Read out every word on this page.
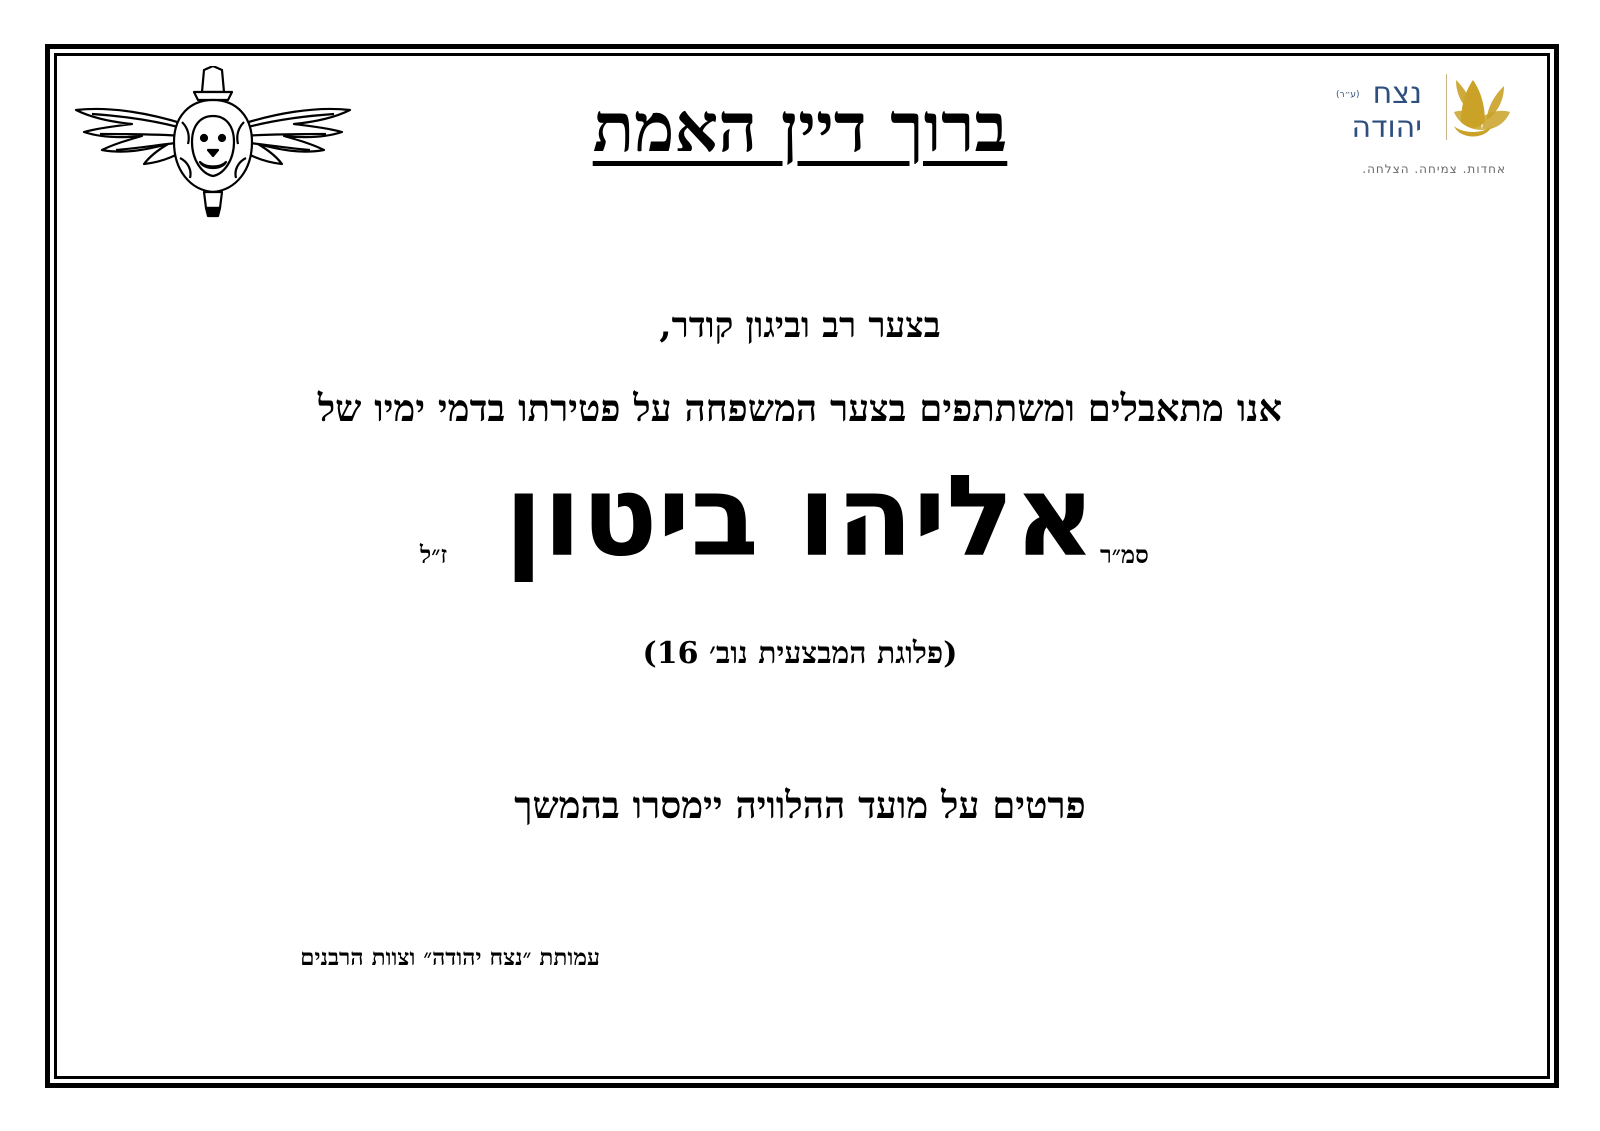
(ע״ר) נצח
יהודה
אחדות. צמיחה. הצלחה.
ברוך דיין האמת
בצער רב וביגון קודר,
אנו מתאבלים ומשתתפים בצער המשפחה על פטירתו בדמי ימיו של
סמ״ר
אליהו ביטון
ז״ל
(פלוגת המבצעית נוב׳ 16)
פרטים על מועד ההלוויה יימסרו בהמשך
עמותת ״נצח יהודה״ וצוות הרבנים
